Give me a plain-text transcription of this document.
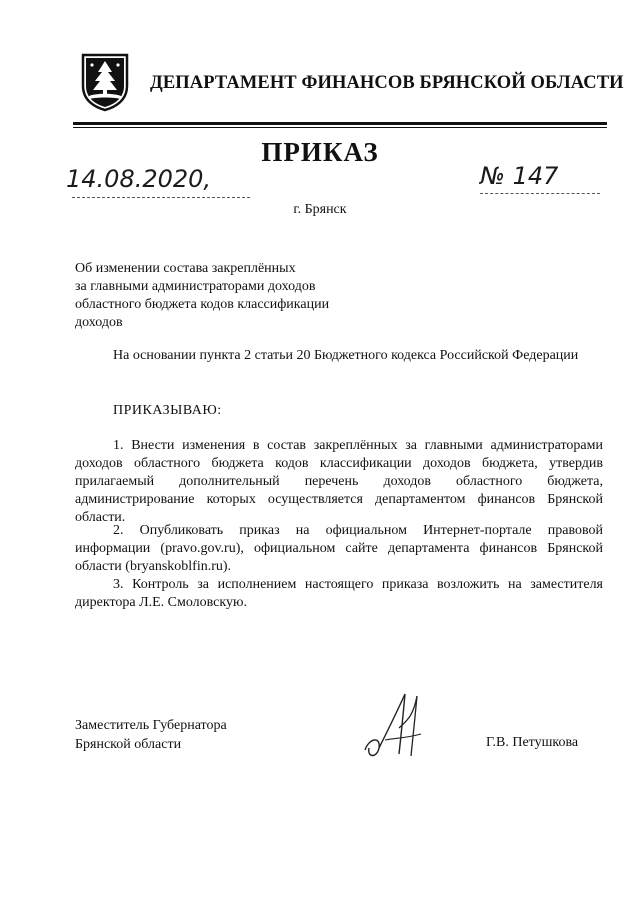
ДЕПАРТАМЕНТ ФИНАНСОВ БРЯНСКОЙ ОБЛАСТИ
ПРИКАЗ
14.08.2020,	№ 147
г. Брянск
Об изменении состава закреплённых
за главными администраторами доходов
областного бюджета кодов классификации
доходов
На основании пункта 2 статьи 20 Бюджетного кодекса Российской Федерации
ПРИКАЗЫВАЮ:
1. Внести изменения в состав закреплённых за главными администраторами доходов областного бюджета кодов классификации доходов бюджета, утвердив прилагаемый дополнительный перечень доходов областного бюджета, администрирование которых осуществляется департаментом финансов Брянской области.
2. Опубликовать приказ на официальном Интернет-портале правовой информации (pravo.gov.ru), официальном сайте департамента финансов Брянской области (bryanskoblfin.ru).
3. Контроль за исполнением настоящего приказа возложить на заместителя директора Л.Е. Смоловскую.
Заместитель Губернатора
Брянской области	Г.В. Петушкова
